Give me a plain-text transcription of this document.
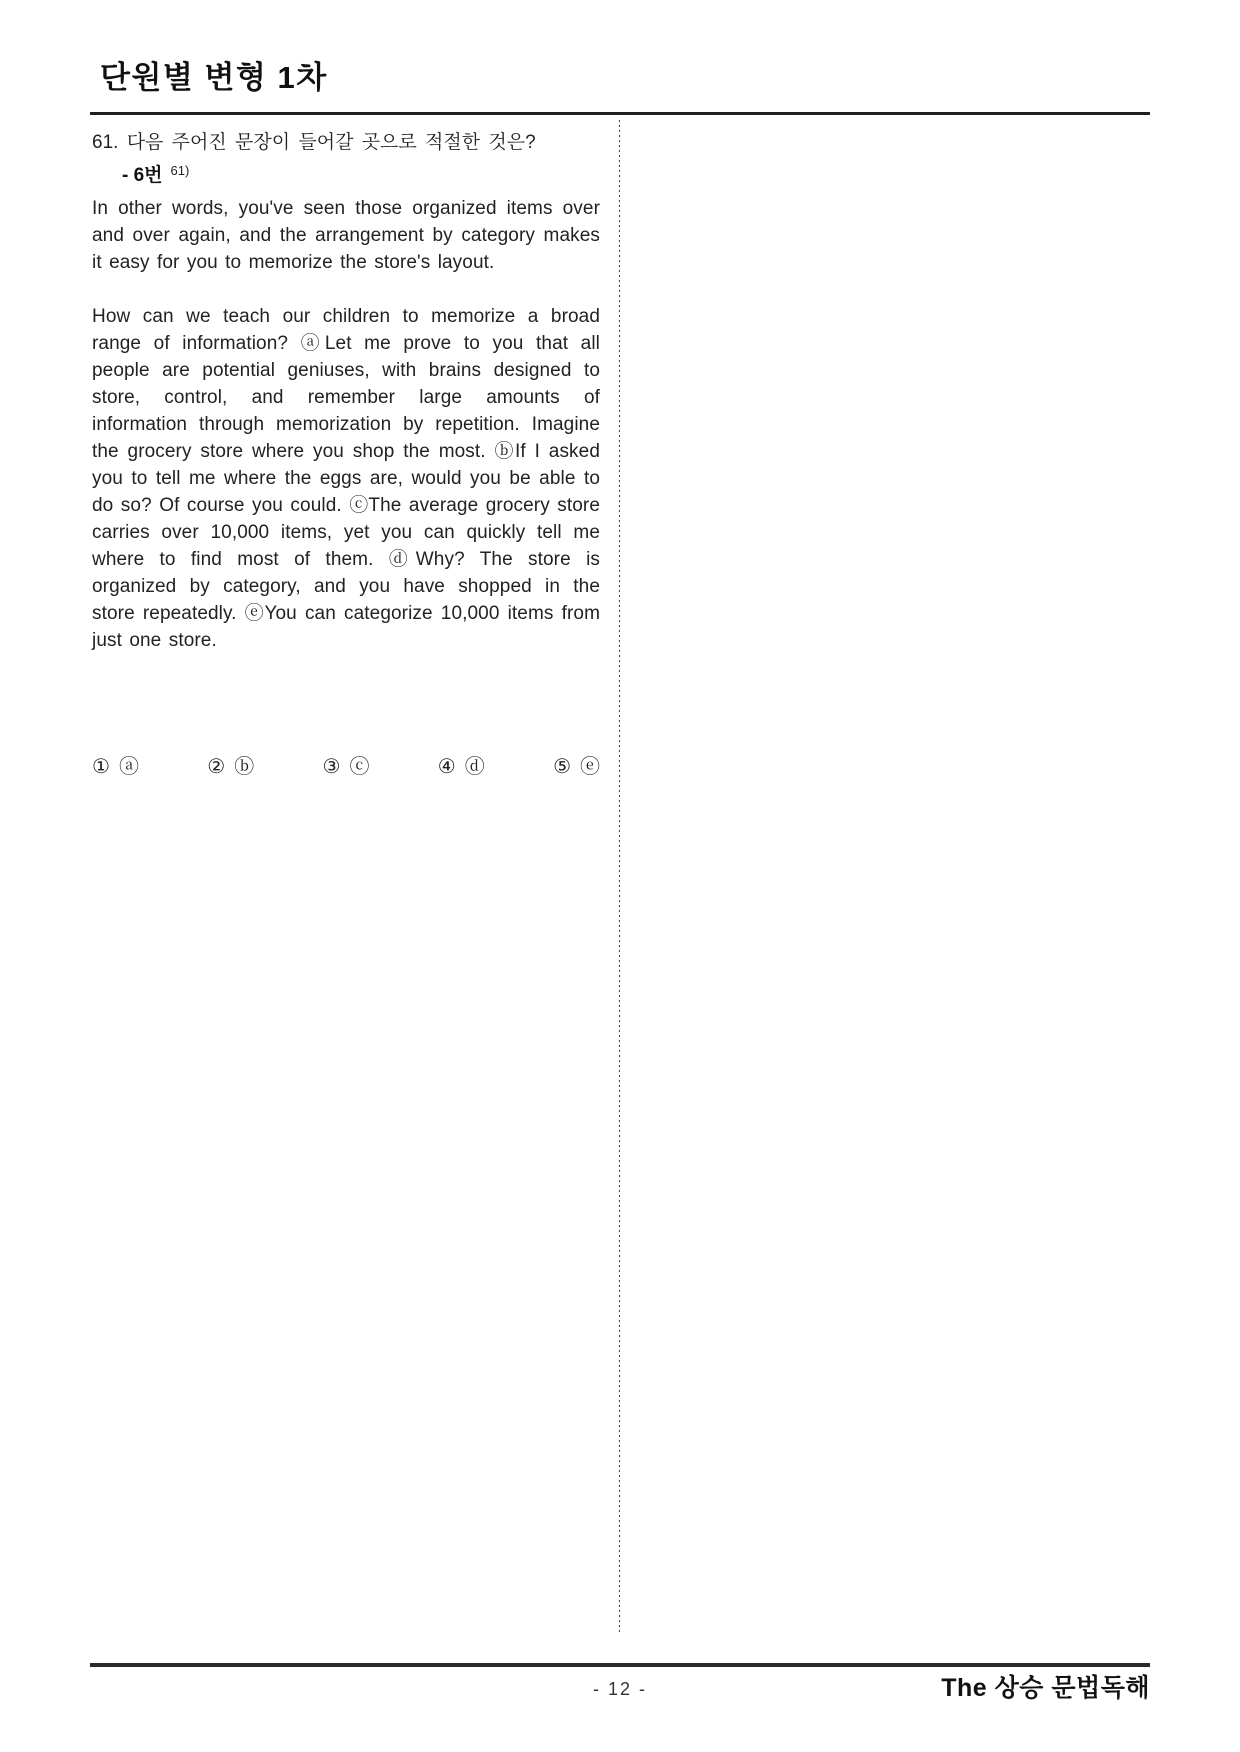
단원별 변형 1차

61. 다음 주어진 문장이 들어갈 곳으로 적절한 것은?

- 6번 $^{61)}$

In other words, you've seen those organized items over and over again, and the arrangement by category makes it easy for you to memorize the store's layout.

How can we teach our children to memorize a broad range of information? ⓐLet me prove to you that all people are potential geniuses, with brains designed to store, control, and remember large amounts of information through memorization by repetition. Imagine the grocery store where you shop the most. ⓑIf I asked you to tell me where the eggs are, would you be able to do so? Of course you could. ⓒThe average grocery store carries over 10,000 items, yet you can quickly tell me where to find most of them. ⓓWhy? The store is organized by category, and you have shopped in the store repeatedly. ⓔYou can categorize 10,000 items from just one store.

① ⓐ	② ⓑ	③ ⓒ	④ ⓓ	⑤ ⓔ
- 12 -	The 상승 문법독해
